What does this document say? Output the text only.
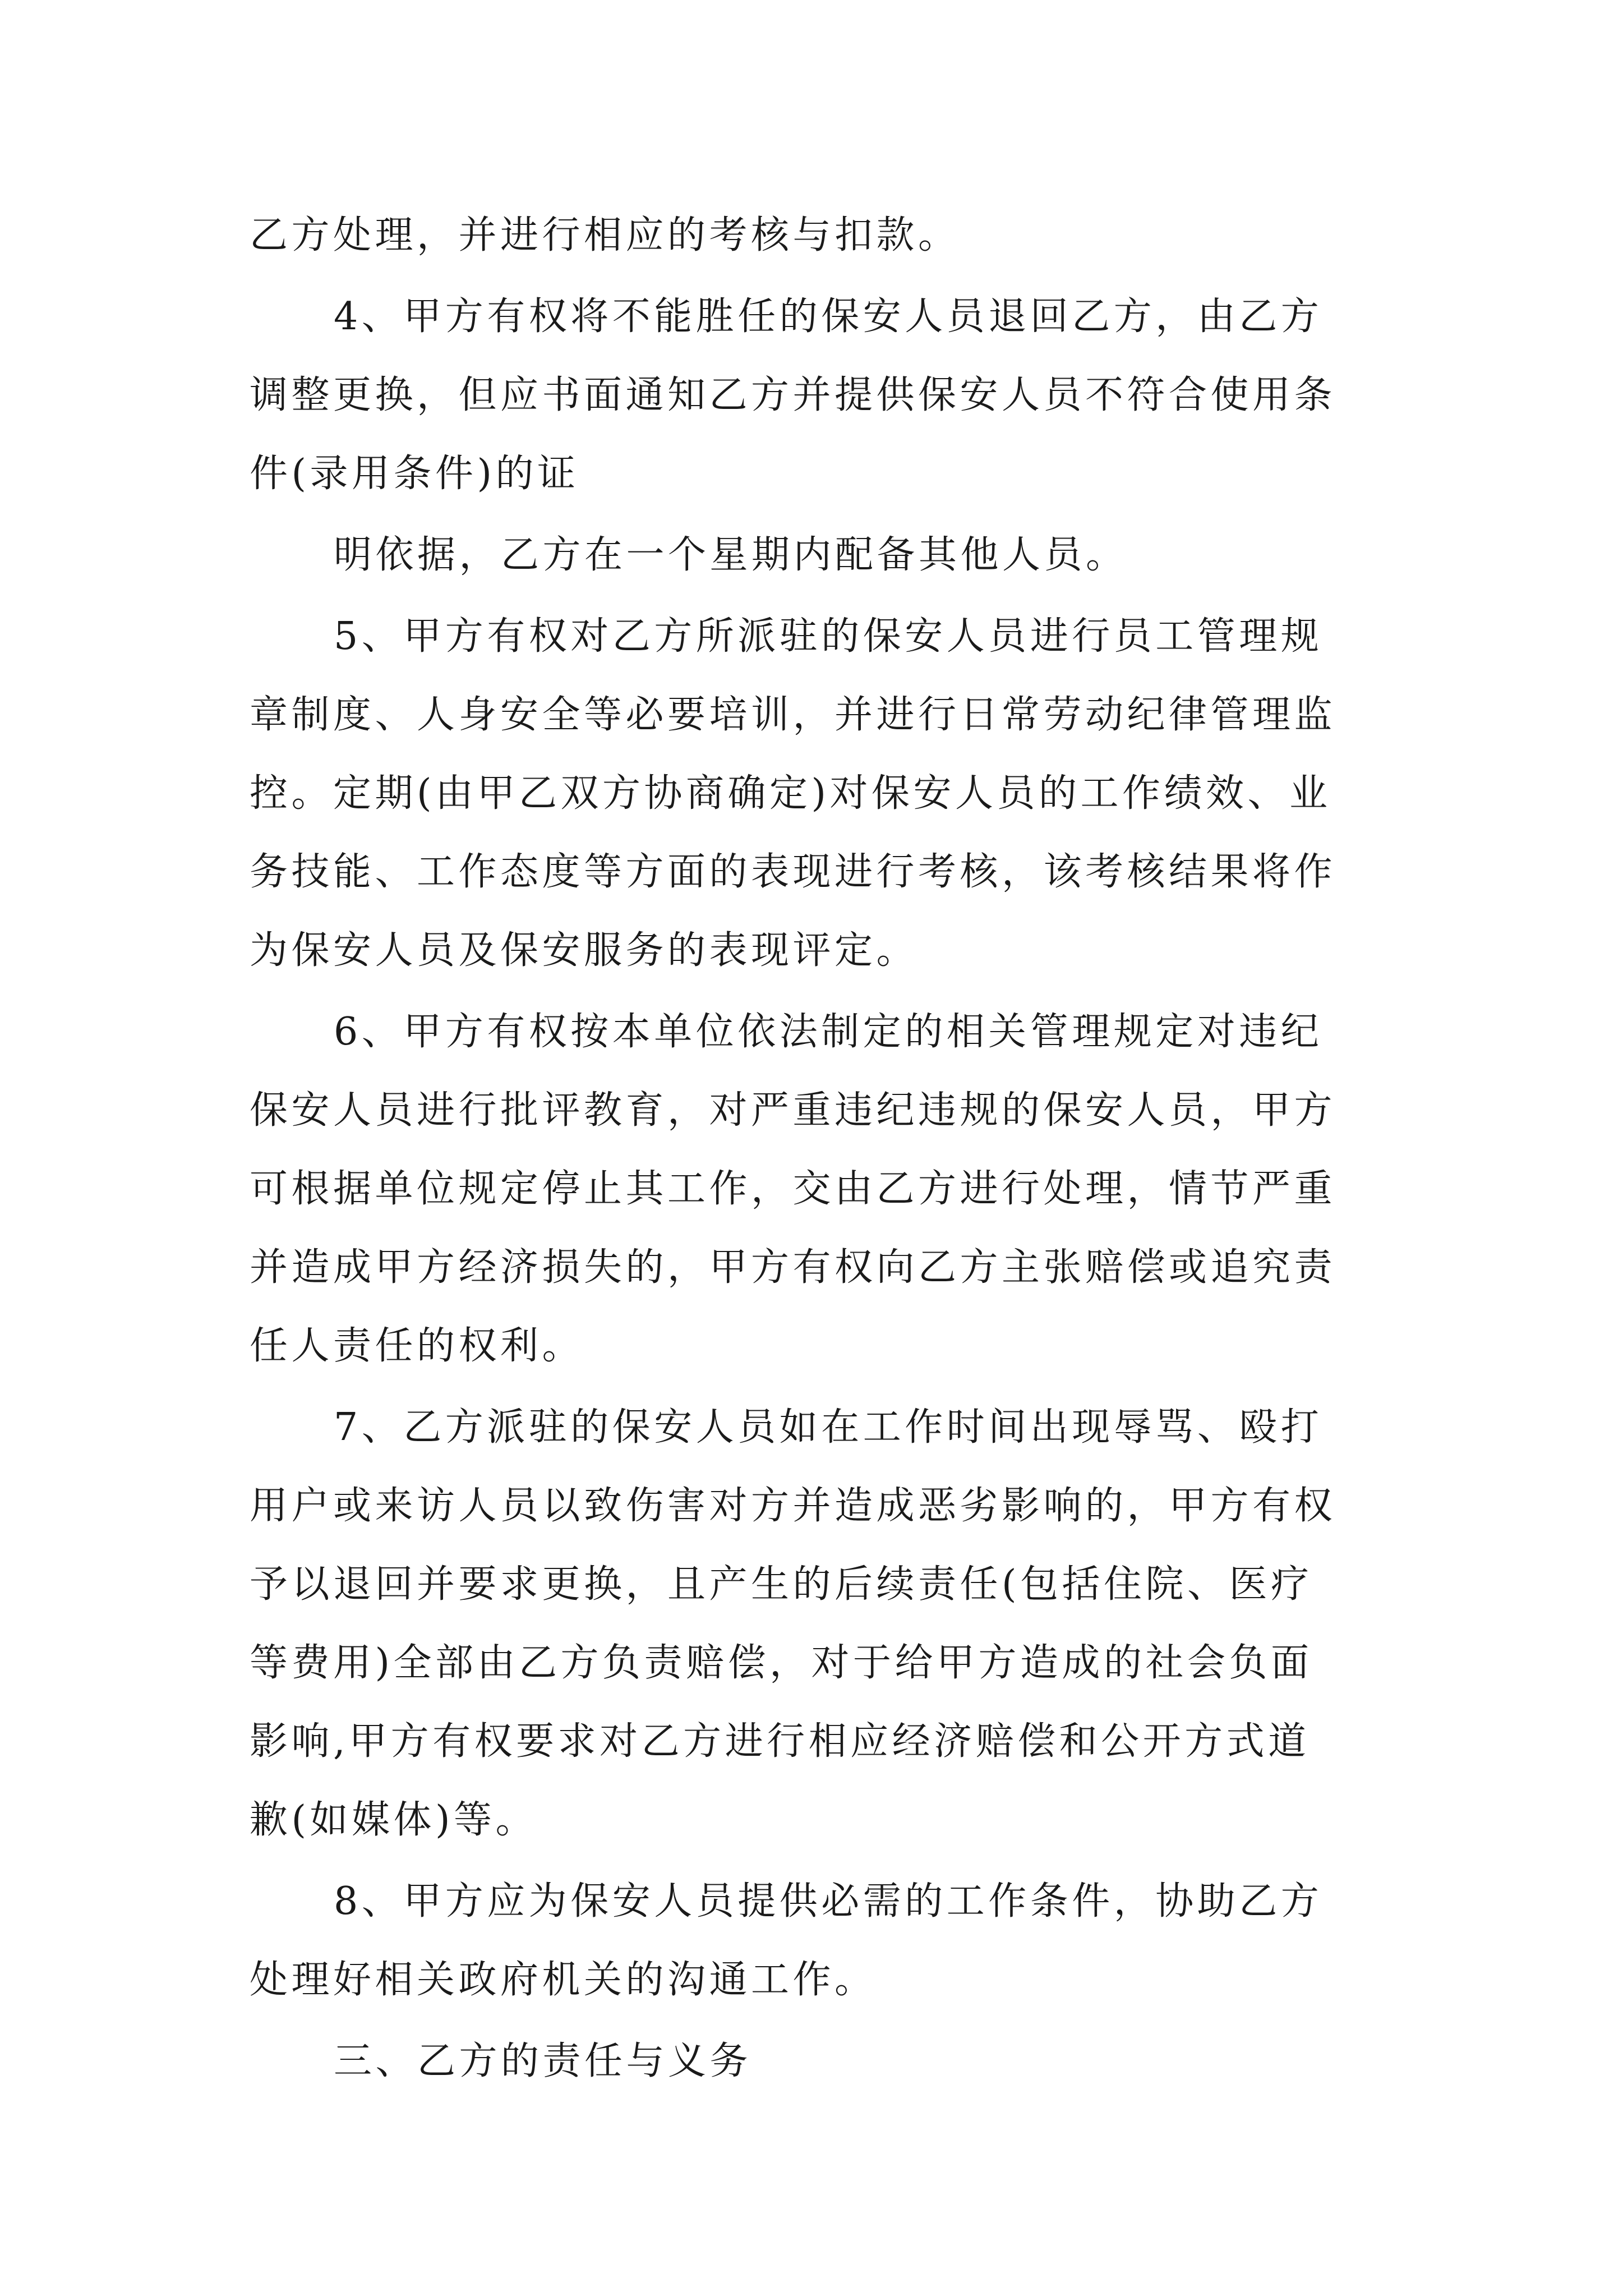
乙方处理，并进行相应的考核与扣款。
4、甲方有权将不能胜任的保安人员退回乙方，由乙方
调整更换，但应书面通知乙方并提供保安人员不符合使用条
件(录用条件)的证
明依据，乙方在一个星期内配备其他人员。
5、甲方有权对乙方所派驻的保安人员进行员工管理规
章制度、人身安全等必要培训，并进行日常劳动纪律管理监
控。定期(由甲乙双方协商确定)对保安人员的工作绩效、业
务技能、工作态度等方面的表现进行考核，该考核结果将作
为保安人员及保安服务的表现评定。
6、甲方有权按本单位依法制定的相关管理规定对违纪
保安人员进行批评教育，对严重违纪违规的保安人员，甲方
可根据单位规定停止其工作，交由乙方进行处理，情节严重
并造成甲方经济损失的，甲方有权向乙方主张赔偿或追究责
任人责任的权利。
7、乙方派驻的保安人员如在工作时间出现辱骂、殴打
用户或来访人员以致伤害对方并造成恶劣影响的，甲方有权
予以退回并要求更换，且产生的后续责任(包括住院、医疗
等费用)全部由乙方负责赔偿，对于给甲方造成的社会负面
影响,甲方有权要求对乙方进行相应经济赔偿和公开方式道
歉(如媒体)等。
8、甲方应为保安人员提供必需的工作条件，协助乙方
处理好相关政府机关的沟通工作。
三、乙方的责任与义务
